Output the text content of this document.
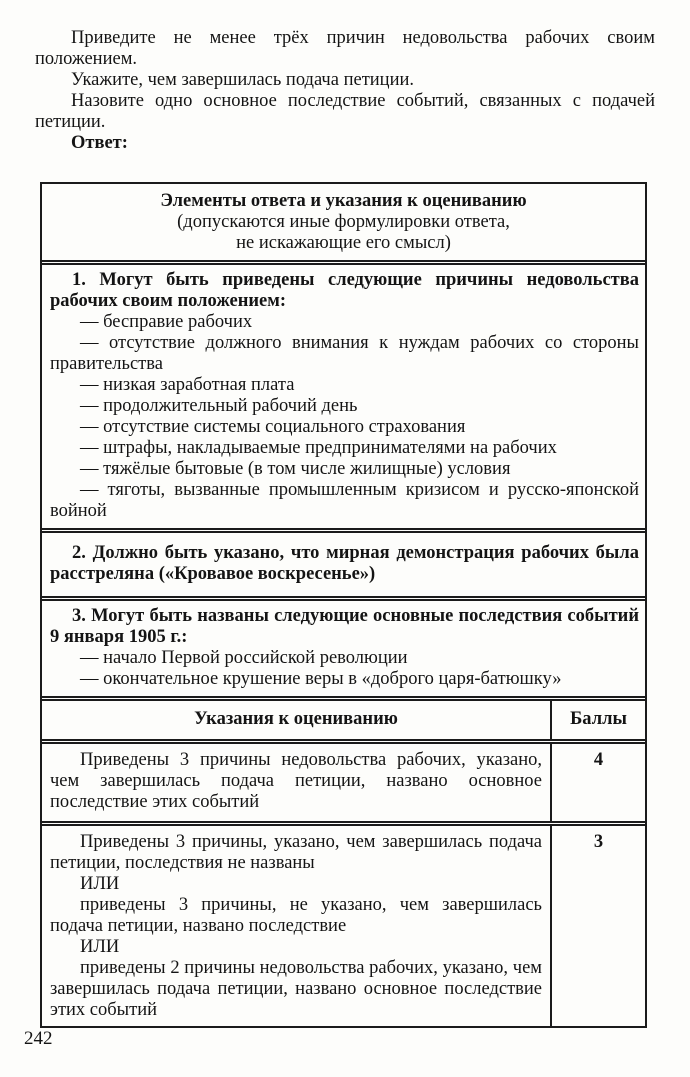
Приведите не менее трёх причин недовольства рабочих своим положением.

Укажите, чем завершилась подача петиции.

Назовите одно основное последствие событий, связанных с подачей петиции.

Ответ:

Элементы ответа и указания к оцениванию
(допускаются иные формулировки ответа,
не искажающие его смысл)

1. Могут быть приведены следующие причины недовольства рабочих своим положением:

— бесправие рабочих

— отсутствие должного внимания к нуждам рабочих со стороны правительства

— низкая заработная плата

— продолжительный рабочий день

— отсутствие системы социального страхования

— штрафы, накладываемые предпринимателями на рабочих

— тяжёлые бытовые (в том числе жилищные) условия

— тяготы, вызванные промышленным кризисом и русско-японской войной

2. Должно быть указано, что мирная демонстрация рабочих была расстреляна («Кровавое воскресенье»)

3. Могут быть названы следующие основные последствия событий 9 января 1905 г.:

— начало Первой российской революции

— окончательное крушение веры в «доброго царя-батюшку»

Указания к оцениванию	Баллы

Приведены 3 причины недовольства рабочих, указано, чем завершилась подача петиции, названо основное последствие этих событий

4

Приведены 3 причины, указано, чем завершилась подача петиции, последствия не названы

ИЛИ

приведены 3 причины, не указано, чем завершилась подача петиции, названо последствие

ИЛИ

приведены 2 причины недовольства рабочих, указано, чем завершилась подача петиции, названо основное последствие этих событий

3
242
